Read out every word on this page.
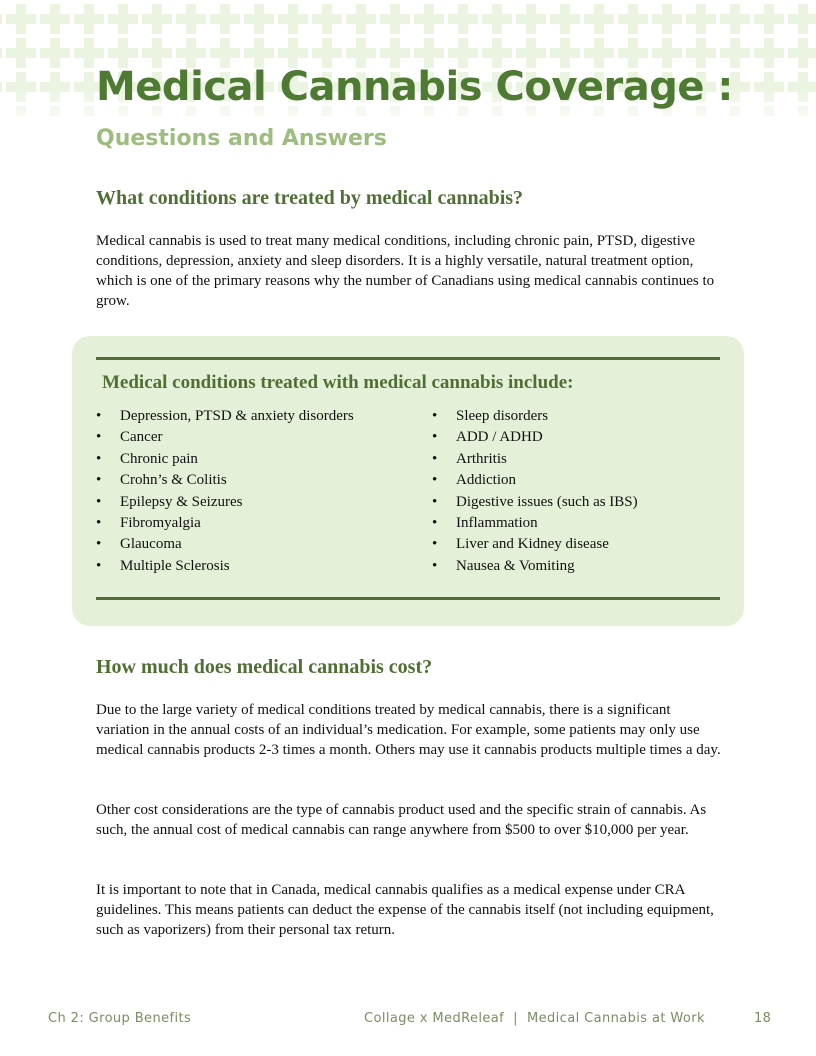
Medical Cannabis Coverage :
Questions and Answers
What conditions are treated by medical cannabis?

Medical cannabis is used to treat many medical conditions, including chronic pain, PTSD, digestive conditions, depression, anxiety and sleep disorders. It is a highly versatile, natural treatment option, which is one of the primary reasons why the number of Canadians using medical cannabis continues to grow.

Medical conditions treated with medical cannabis include:
• Depression, PTSD & anxiety disorders
• Cancer
• Chronic pain
• Crohn’s & Colitis
• Epilepsy & Seizures
• Fibromyalgia
• Glaucoma
• Multiple Sclerosis
• Sleep disorders
• ADD / ADHD
• Arthritis
• Addiction
• Digestive issues (such as IBS)
• Inflammation
• Liver and Kidney disease
• Nausea & Vomiting
How much does medical cannabis cost?

Due to the large variety of medical conditions treated by medical cannabis, there is a significant variation in the annual costs of an individual’s medication. For example, some patients may only use medical cannabis products 2-3 times a month. Others may use it cannabis products multiple times a day.

Other cost considerations are the type of cannabis product used and the specific strain of cannabis. As such, the annual cost of medical cannabis can range anywhere from $500 to over $10,000 per year.

It is important to note that in Canada, medical cannabis qualifies as a medical expense under CRA guidelines. This means patients can deduct the expense of the cannabis itself (not including equipment, such as vaporizers) from their personal tax return.

Ch 2: Group Benefits	Collage x MedReleaf  |  Medical Cannabis at Work	18
